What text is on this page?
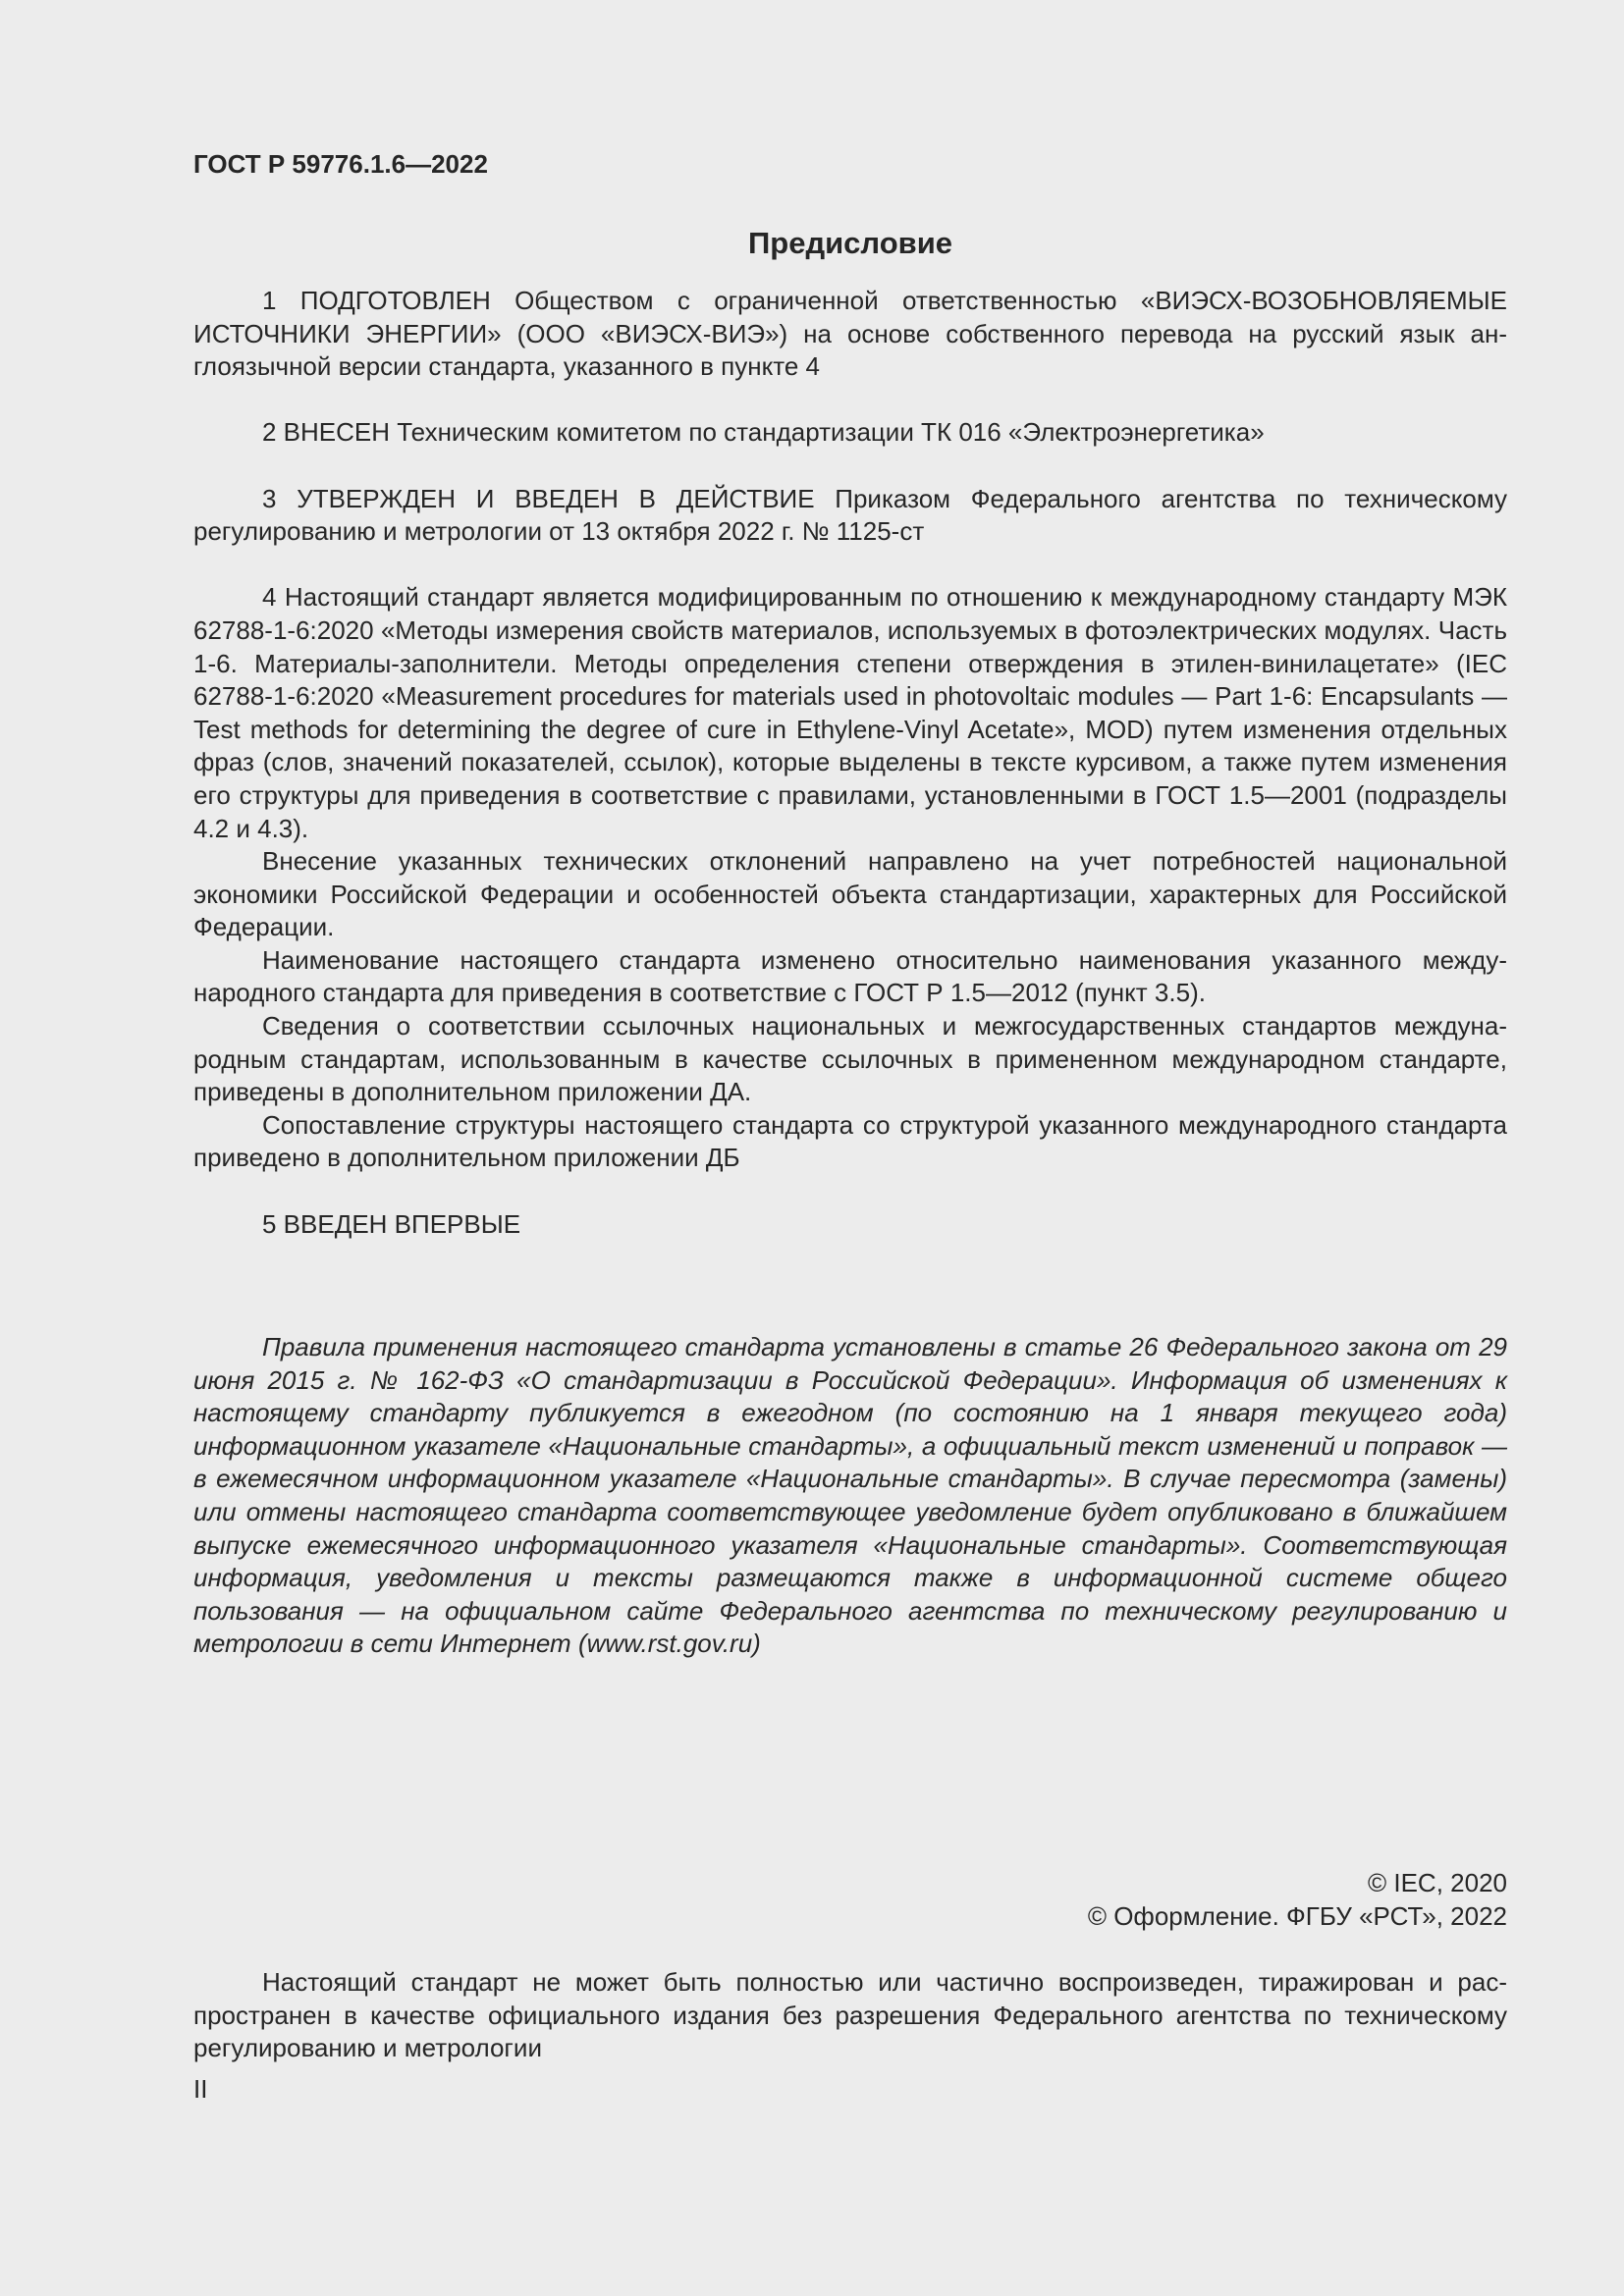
ГОСТ Р 59776.1.6—2022
Предисловие

1 ПОДГОТОВЛЕН Обществом с ограниченной ответственностью «ВИЭСХ-ВОЗОБНОВЛЯЕМЫЕ ИСТОЧНИКИ ЭНЕРГИИ» (ООО «ВИЭСХ-ВИЭ») на основе собственного перевода на русский язык англоязычной версии стандарта, указанного в пункте 4

2 ВНЕСЕН Техническим комитетом по стандартизации ТК 016 «Электроэнергетика»

3 УТВЕРЖДЕН И ВВЕДЕН В ДЕЙСТВИЕ Приказом Федерального агентства по техническому регулированию и метрологии от 13 октября 2022 г. № 1125-ст

4 Настоящий стандарт является модифицированным по отношению к международному стандарту МЭК 62788-1-6:2020 «Методы измерения свойств материалов, используемых в фотоэлектрических модулях. Часть 1-6. Материалы-заполнители. Методы определения степени отверждения в этилен-винилацетате» (IEC 62788-1-6:2020 «Measurement procedures for materials used in photovoltaic modules — Part 1-6: Encapsulants — Test methods for determining the degree of cure in Ethylene-Vinyl Acetate», MOD) путем изменения отдельных фраз (слов, значений показателей, ссылок), которые выделены в тексте курсивом, а также путем изменения его структуры для приведения в соответствие с правилами, установленными в ГОСТ 1.5—2001 (подразделы 4.2 и 4.3).

Внесение указанных технических отклонений направлено на учет потребностей национальной экономики Российской Федерации и особенностей объекта стандартизации, характерных для Российской Федерации.

Наименование настоящего стандарта изменено относительно наименования указанного международного стандарта для приведения в соответствие с ГОСТ Р 1.5—2012 (пункт 3.5).

Сведения о соответствии ссылочных национальных и межгосударственных стандартов международным стандартам, использованным в качестве ссылочных в примененном международном стандарте, приведены в дополнительном приложении ДА.

Сопоставление структуры настоящего стандарта со структурой указанного международного стандарта приведено в дополнительном приложении ДБ

5 ВВЕДЕН ВПЕРВЫЕ

Правила применения настоящего стандарта установлены в статье 26 Федерального закона от 29 июня 2015 г. № 162-ФЗ «О стандартизации в Российской Федерации». Информация об изменениях к настоящему стандарту публикуется в ежегодном (по состоянию на 1 января текущего года) информационном указателе «Национальные стандарты», а официальный текст изменений и поправок — в ежемесячном информационном указателе «Национальные стандарты». В случае пересмотра (замены) или отмены настоящего стандарта соответствующее уведомление будет опубликовано в ближайшем выпуске ежемесячного информационного указателя «Национальные стандарты». Соответствующая информация, уведомления и тексты размещаются также в информационной системе общего пользования — на официальном сайте Федерального агентства по техническому регулированию и метрологии в сети Интернет (www.rst.gov.ru)

© IEC, 2020
© Оформление. ФГБУ «РСТ», 2022

Настоящий стандарт не может быть полностью или частично воспроизведен, тиражирован и распространен в качестве официального издания без разрешения Федерального агентства по техническому регулированию и метрологии

II
